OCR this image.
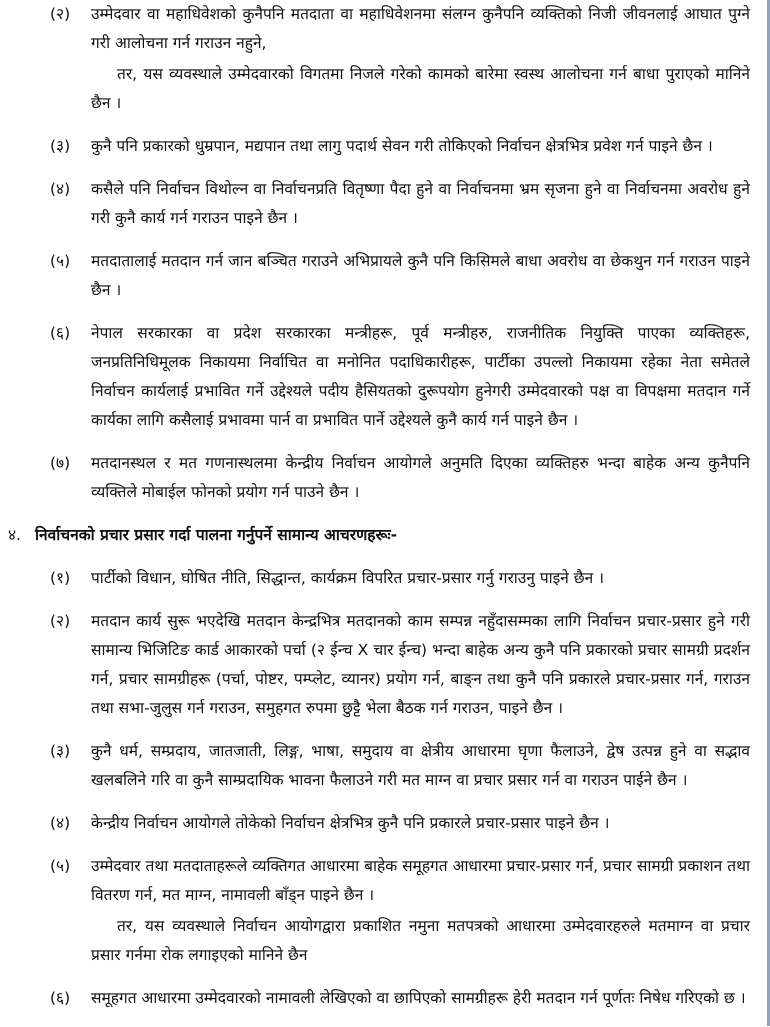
(२) उम्मेदवार वा महाधिवेशको कुनैपनि मतदाता वा महाधिवेशनमा संलग्न कुनैपनि व्यक्तिको निजी जीवनलाई आघात पुग्ने गरी आलोचना गर्न गराउन नहुने,

तर, यस व्यवस्थाले उम्मेदवारको विगतमा निजले गरेको कामको बारेमा स्वस्थ आलोचना गर्न बाधा पुराएको मानिने छैन ।

(३) कुनै पनि प्रकारको धुम्रपान, मद्यपान तथा लागु पदार्थ सेवन गरी तोकिएको निर्वाचन क्षेत्रभित्र प्रवेश गर्न पाइने छैन ।

(४) कसैले पनि निर्वाचन विथोल्न वा निर्वाचनप्रति वितृष्णा पैदा हुने वा निर्वाचनमा भ्रम सृजना हुने वा निर्वाचनमा अवरोध हुने गरी कुनै कार्य गर्न गराउन पाइने छैन ।

(५) मतदातालाई मतदान गर्न जान बञ्चित गराउने अभिप्रायले कुनै पनि किसिमले बाधा अवरोध वा छेकथुन गर्न गराउन पाइने छैन ।

(६) नेपाल सरकारका वा प्रदेश सरकारका मन्त्रीहरू, पूर्व मन्त्रीहरु, राजनीतिक नियुक्ति पाएका व्यक्तिहरू, जनप्रतिनिधिमूलक निकायमा निर्वाचित वा मनोनित पदाधिकारीहरू, पार्टीका उपल्लो निकायमा रहेका नेता समेतले निर्वाचन कार्यलाई प्रभावित गर्ने उद्देश्यले पदीय हैसियतको दुरूपयोग हुनेगरी उम्मेदवारको पक्ष वा विपक्षमा मतदान गर्ने कार्यका लागि कसैलाई प्रभावमा पार्न वा प्रभावित पार्ने उद्देश्यले कुनै कार्य गर्न पाइने छैन ।

(७) मतदानस्थल र मत गणनास्थलमा केन्द्रीय निर्वाचन आयोगले अनुमति दिएका व्यक्तिहरु भन्दा बाहेक अन्य कुनैपनि व्यक्तिले मोबाईल फोनको प्रयोग गर्न पाउने छैन ।

४. निर्वाचनको प्रचार प्रसार गर्दा पालना गर्नुपर्ने सामान्य आचरणहरूः-
(१) पार्टीको विधान, घोषित नीति, सिद्धान्त, कार्यक्रम विपरित प्रचार-प्रसार गर्नु गराउनु पाइने छैन ।

(२) मतदान कार्य सुरू भएदेखि मतदान केन्द्रभित्र मतदानको काम सम्पन्न नहुँदासम्मका लागि निर्वाचन प्रचार-प्रसार हुने गरी सामान्य भिजिटिङ कार्ड आकारको पर्चा (२ ईन्च X चार ईन्च) भन्दा बाहेक अन्य कुनै पनि प्रकारको प्रचार सामग्री प्रदर्शन गर्न, प्रचार सामग्रीहरू (पर्चा, पोष्टर, पम्प्लेट, व्यानर) प्रयोग गर्न, बाङ्न तथा कुनै पनि प्रकारले प्रचार-प्रसार गर्न, गराउन तथा सभा-जुलुस गर्न गराउन, समुहगत रुपमा छुट्टै भेला बैठक गर्न गराउन, पाइने छैन ।

(३) कुनै धर्म, सम्प्रदाय, जातजाती, लिङ्ग, भाषा, समुदाय वा क्षेत्रीय आधारमा घृणा फैलाउने, द्वेष उत्पन्न हुने वा सद्भाव खलबलिने गरि वा कुनै साम्प्रदायिक भावना फैलाउने गरी मत माग्न वा प्रचार प्रसार गर्न वा गराउन पाईने छैन ।

(४) केन्द्रीय निर्वाचन आयोगले तोकेको निर्वाचन क्षेत्रभित्र कुनै पनि प्रकारले प्रचार-प्रसार पाइने छैन ।

(५) उम्मेदवार तथा मतदाताहरूले व्यक्तिगत आधारमा बाहेक समूहगत आधारमा प्रचार-प्रसार गर्न, प्रचार सामग्री प्रकाशन तथा वितरण गर्न, मत माग्न, नामावली बाँड्न पाइने छैन ।

तर, यस व्यवस्थाले निर्वाचन आयोगद्वारा प्रकाशित नमुना मतपत्रको आधारमा उम्मेदवारहरुले मतमाग्न वा प्रचार प्रसार गर्नमा रोक लगाइएको मानिने छैन

(६) समूहगत आधारमा उम्मेदवारको नामावली लेखिएको वा छापिएको सामग्रीहरू हेरी मतदान गर्न पूर्णतः निषेध गरिएको छ ।
